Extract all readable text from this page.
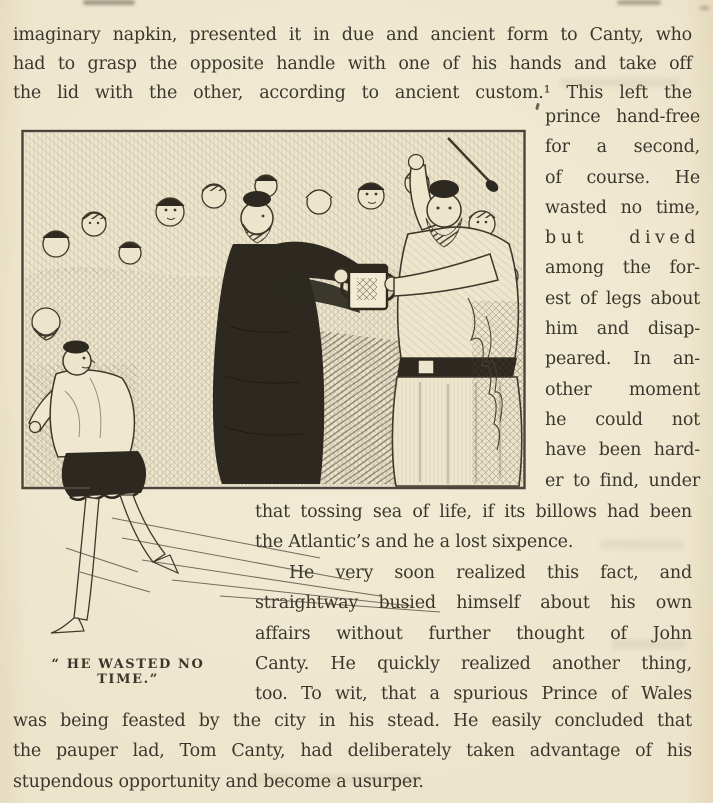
imaginary napkin, presented it in due and ancient form to Canty, who
had to grasp the opposite handle with one of his hands and take off
the lid with the other, according to ancient custom.¹ This left the
prince hand-free
for a second,
of course. He
wasted no time,
but dived
among the for-
est of legs about
him and disap-
peared. In an-
other moment
he could not
have been hard-
er to find, under
that tossing sea of life, if its billows had been
the Atlantic’s and he a lost sixpence.
He very soon realized this fact, and
straightway busied himself about his own
affairs without further thought of John
Canty. He quickly realized another thing,
too. To wit, that a spurious Prince of Wales
was being feasted by the city in his stead. He easily concluded that
the pauper lad, Tom Canty, had deliberately taken advantage of his
stupendous opportunity and become a usurper.
“ HE WASTED NO TIME.”
